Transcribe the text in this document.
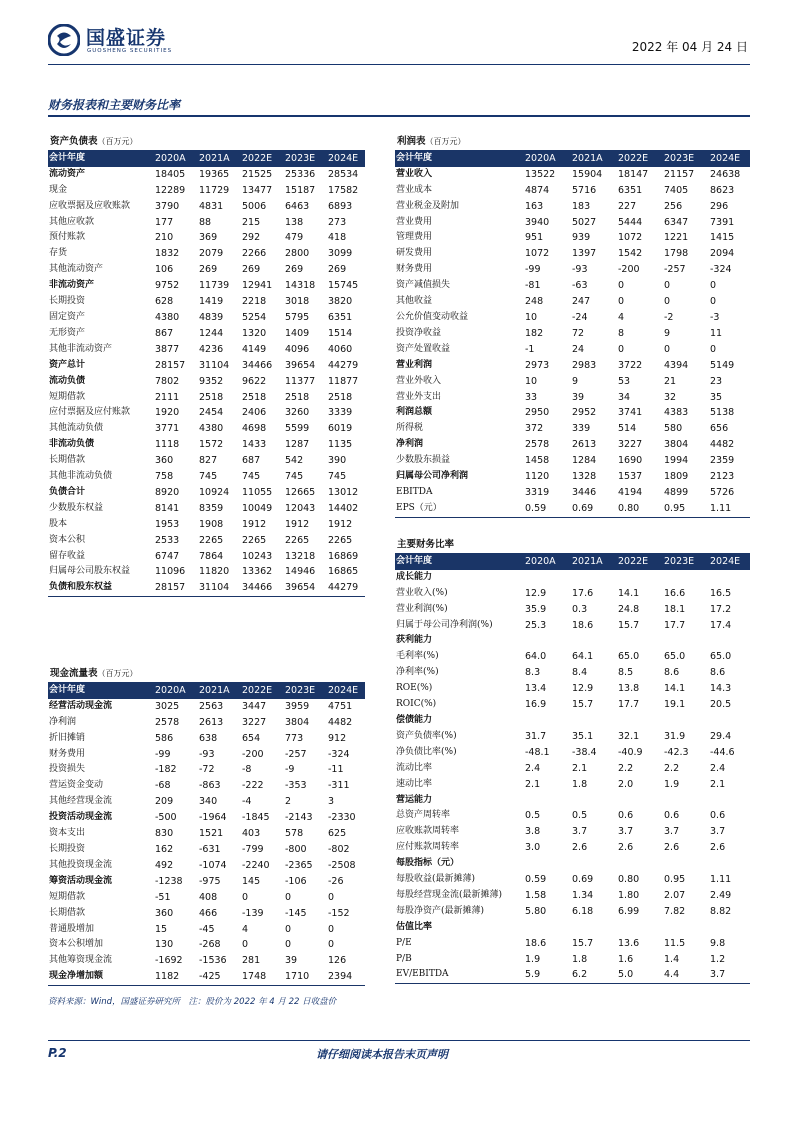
国盛证券
GUOSHENG SECURITIES	2022 年 04 月 24 日
财务报表和主要财务比率
资产负债表（百万元）					
会计年度	2020A	2021A	2022E	2023E	2024E
流动资产	18405	19365	21525	25336	28534
现金	12289	11729	13477	15187	17582
应收票据及应收账款	3790	4831	5006	6463	6893
其他应收款	177	88	215	138	273
预付账款	210	369	292	479	418
存货	1832	2079	2266	2800	3099
其他流动资产	106	269	269	269	269
非流动资产	9752	11739	12941	14318	15745
长期投资	628	1419	2218	3018	3820
固定资产	4380	4839	5254	5795	6351
无形资产	867	1244	1320	1409	1514
其他非流动资产	3877	4236	4149	4096	4060
资产总计	28157	31104	34466	39654	44279
流动负债	7802	9352	9622	11377	11877
短期借款	2111	2518	2518	2518	2518
应付票据及应付账款	1920	2454	2406	3260	3339
其他流动负债	3771	4380	4698	5599	6019
非流动负债	1118	1572	1433	1287	1135
长期借款	360	827	687	542	390
其他非流动负债	758	745	745	745	745
负债合计	8920	10924	11055	12665	13012
少数股东权益	8141	8359	10049	12043	14402
股本	1953	1908	1912	1912	1912
资本公积	2533	2265	2265	2265	2265
留存收益	6747	7864	10243	13218	16869
归属母公司股东权益	11096	11820	13362	14946	16865
负债和股东权益	28157	31104	34466	39654	44279
利润表（百万元）					
会计年度	2020A	2021A	2022E	2023E	2024E
营业收入	13522	15904	18147	21157	24638
营业成本	4874	5716	6351	7405	8623
营业税金及附加	163	183	227	256	296
营业费用	3940	5027	5444	6347	7391
管理费用	951	939	1072	1221	1415
研发费用	1072	1397	1542	1798	2094
财务费用	-99	-93	-200	-257	-324
资产减值损失	-81	-63	0	0	0
其他收益	248	247	0	0	0
公允价值变动收益	10	-24	4	-2	-3
投资净收益	182	72	8	9	11
资产处置收益	-1	24	0	0	0
营业利润	2973	2983	3722	4394	5149
营业外收入	10	9	53	21	23
营业外支出	33	39	34	32	35
利润总额	2950	2952	3741	4383	5138
所得税	372	339	514	580	656
净利润	2578	2613	3227	3804	4482
少数股东损益	1458	1284	1690	1994	2359
归属母公司净利润	1120	1328	1537	1809	2123
EBITDA	3319	3446	4194	4899	5726
EPS（元）	0.59	0.69	0.80	0.95	1.11
主要财务比率					
会计年度	2020A	2021A	2022E	2023E	2024E
成长能力					
营业收入(%)	12.9	17.6	14.1	16.6	16.5
营业利润(%)	35.9	0.3	24.8	18.1	17.2
归属于母公司净利润(%)	25.3	18.6	15.7	17.7	17.4
获利能力					
毛利率(%)	64.0	64.1	65.0	65.0	65.0
净利率(%)	8.3	8.4	8.5	8.6	8.6
ROE(%)	13.4	12.9	13.8	14.1	14.3
ROIC(%)	16.9	15.7	17.7	19.1	20.5
偿债能力					
资产负债率(%)	31.7	35.1	32.1	31.9	29.4
净负债比率(%)	-48.1	-38.4	-40.9	-42.3	-44.6
流动比率	2.4	2.1	2.2	2.2	2.4
速动比率	2.1	1.8	2.0	1.9	2.1
营运能力					
总资产周转率	0.5	0.5	0.6	0.6	0.6
应收账款周转率	3.8	3.7	3.7	3.7	3.7
应付账款周转率	3.0	2.6	2.6	2.6	2.6
每股指标（元）					
每股收益(最新摊薄)	0.59	0.69	0.80	0.95	1.11
每股经营现金流(最新摊薄)	1.58	1.34	1.80	2.07	2.49
每股净资产(最新摊薄)	5.80	6.18	6.99	7.82	8.82
估值比率					
P/E	18.6	15.7	13.6	11.5	9.8
P/B	1.9	1.8	1.6	1.4	1.2
EV/EBITDA	5.9	6.2	5.0	4.4	3.7
现金流量表（百万元）					
会计年度	2020A	2021A	2022E	2023E	2024E
经营活动现金流	3025	2563	3447	3959	4751
净利润	2578	2613	3227	3804	4482
折旧摊销	586	638	654	773	912
财务费用	-99	-93	-200	-257	-324
投资损失	-182	-72	-8	-9	-11
营运资金变动	-68	-863	-222	-353	-311
其他经营现金流	209	340	-4	2	3
投资活动现金流	-500	-1964	-1845	-2143	-2330
资本支出	830	1521	403	578	625
长期投资	162	-631	-799	-800	-802
其他投资现金流	492	-1074	-2240	-2365	-2508
筹资活动现金流	-1238	-975	145	-106	-26
短期借款	-51	408	0	0	0
长期借款	360	466	-139	-145	-152
普通股增加	15	-45	4	0	0
资本公积增加	130	-268	0	0	0
其他筹资现金流	-1692	-1536	281	39	126
现金净增加额	1182	-425	1748	1710	2394
资料来源：Wind，国盛证券研究所　注：股价为 2022 年 4 月 22 日收盘价
P.2	请仔细阅读本报告末页声明
